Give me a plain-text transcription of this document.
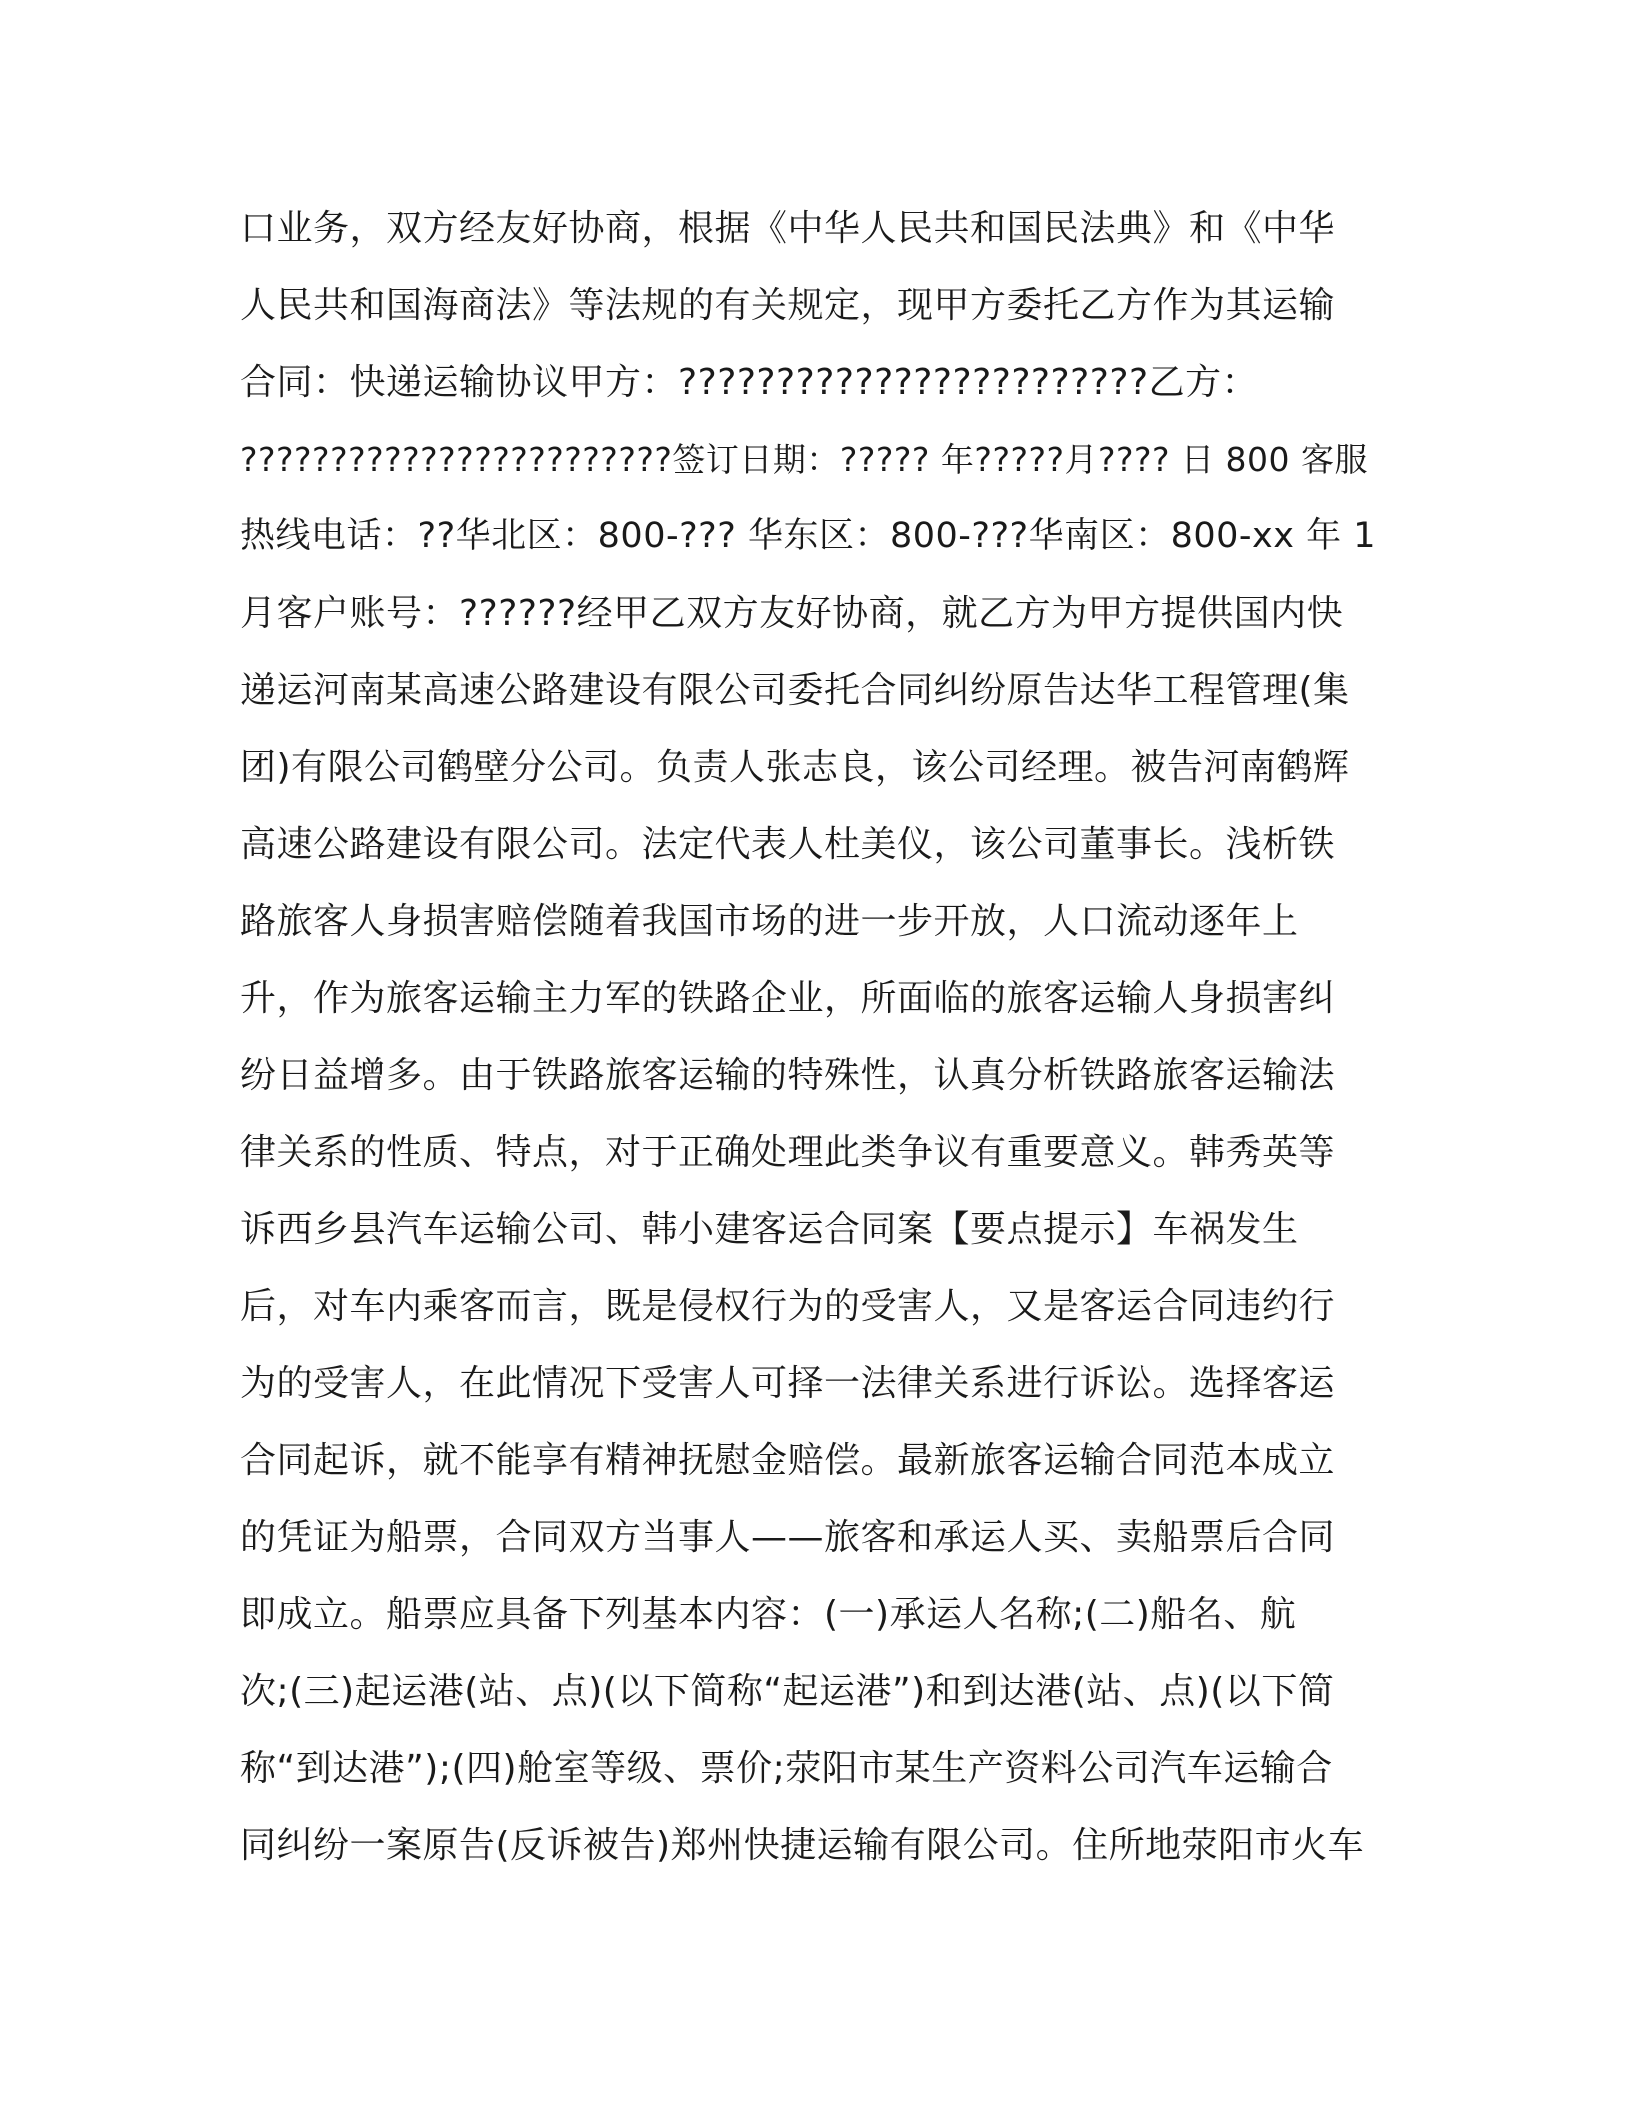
口业务，双方经友好协商，根据《中华人民共和国民法典》和《中华
人民共和国海商法》等法规的有关规定，现甲方委托乙方作为其运输
合同：快递运输协议甲方：????????????????????????乙方：
????????????????????????签订日期：????? 年?????月???? 日 800 客服
热线电话：??华北区：800-??? 华东区：800-???华南区：800-xx 年 1
月客户账号：??????经甲乙双方友好协商，就乙方为甲方提供国内快
递运河南某高速公路建设有限公司委托合同纠纷原告达华工程管理(集
团)有限公司鹤壁分公司。负责人张志良，该公司经理。被告河南鹤辉
高速公路建设有限公司。法定代表人杜美仪，该公司董事长。浅析铁
路旅客人身损害赔偿随着我国市场的进一步开放，人口流动逐年上
升，作为旅客运输主力军的铁路企业，所面临的旅客运输人身损害纠
纷日益增多。由于铁路旅客运输的特殊性，认真分析铁路旅客运输法
律关系的性质、特点，对于正确处理此类争议有重要意义。韩秀英等
诉西乡县汽车运输公司、韩小建客运合同案【要点提示】车祸发生
后，对车内乘客而言，既是侵权行为的受害人，又是客运合同违约行
为的受害人，在此情况下受害人可择一法律关系进行诉讼。选择客运
合同起诉，就不能享有精神抚慰金赔偿。最新旅客运输合同范本成立
的凭证为船票，合同双方当事人——旅客和承运人买、卖船票后合同
即成立。船票应具备下列基本内容：(一)承运人名称;(二)船名、航
次;(三)起运港(站、点)(以下简称“起运港”)和到达港(站、点)(以下简
称“到达港”);(四)舱室等级、票价;荥阳市某生产资料公司汽车运输合
同纠纷一案原告(反诉被告)郑州快捷运输有限公司。住所地荥阳市火车
